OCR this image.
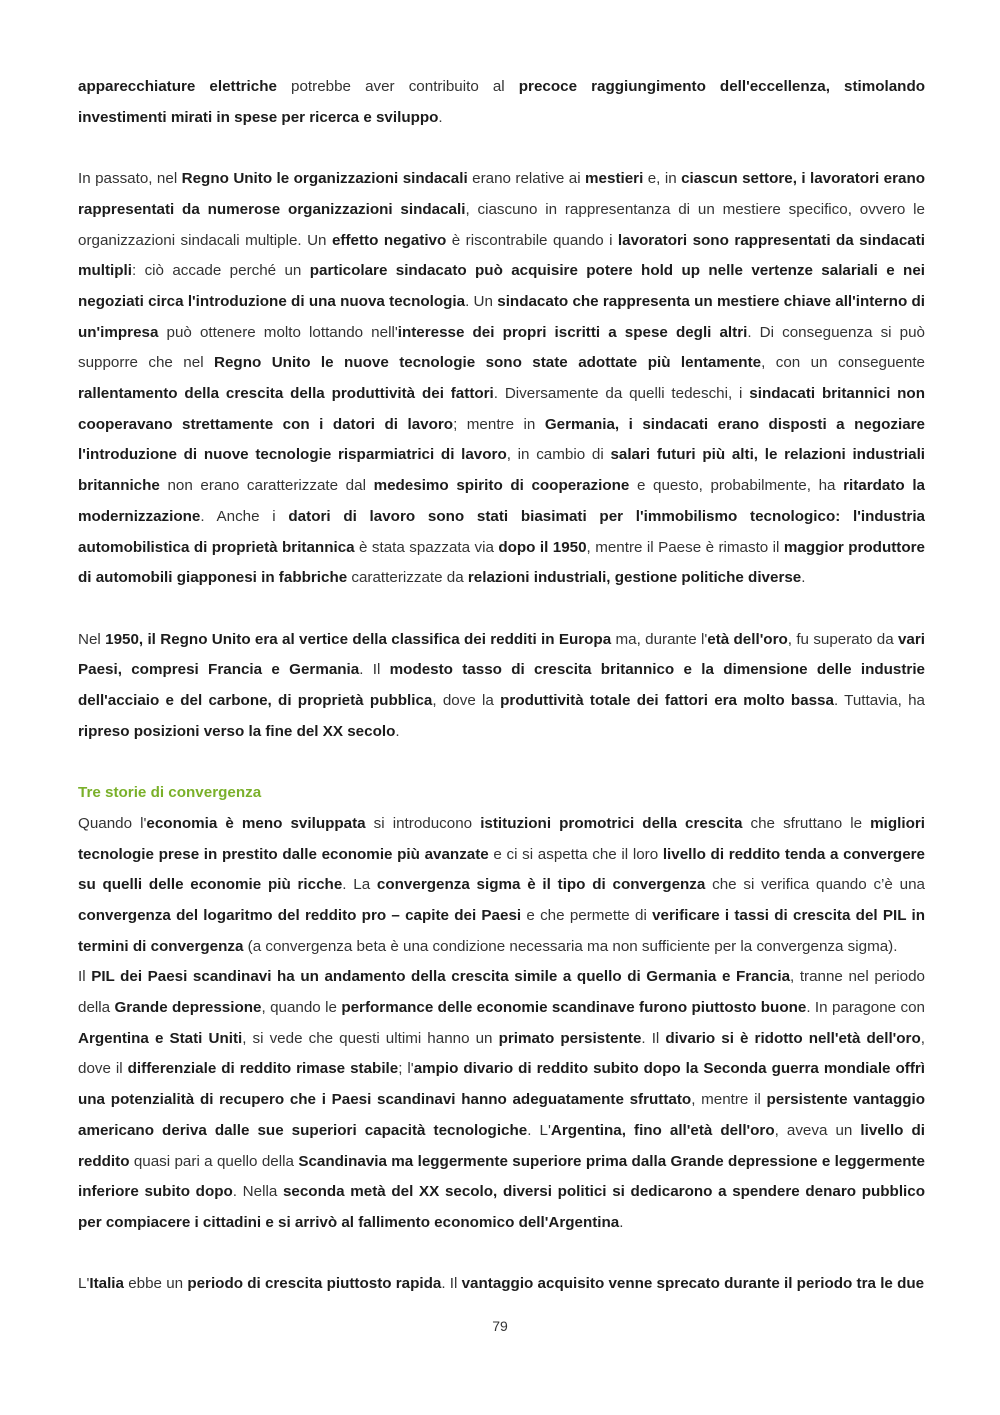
apparecchiature elettriche potrebbe aver contribuito al precoce raggiungimento dell'eccellenza, stimolando investimenti mirati in spese per ricerca e sviluppo.

In passato, nel Regno Unito le organizzazioni sindacali erano relative ai mestieri e, in ciascun settore, i lavoratori erano rappresentati da numerose organizzazioni sindacali, ciascuno in rappresentanza di un mestiere specifico, ovvero le organizzazioni sindacali multiple. Un effetto negativo è riscontrabile quando i lavoratori sono rappresentati da sindacati multipli: ciò accade perché un particolare sindacato può acquisire potere hold up nelle vertenze salariali e nei negoziati circa l'introduzione di una nuova tecnologia. Un sindacato che rappresenta un mestiere chiave all'interno di un'impresa può ottenere molto lottando nell'interesse dei propri iscritti a spese degli altri. Di conseguenza si può supporre che nel Regno Unito le nuove tecnologie sono state adottate più lentamente, con un conseguente rallentamento della crescita della produttività dei fattori. Diversamente da quelli tedeschi, i sindacati britannici non cooperavano strettamente con i datori di lavoro; mentre in Germania, i sindacati erano disposti a negoziare l'introduzione di nuove tecnologie risparmiatrici di lavoro, in cambio di salari futuri più alti, le relazioni industriali britanniche non erano caratterizzate dal medesimo spirito di cooperazione e questo, probabilmente, ha ritardato la modernizzazione. Anche i datori di lavoro sono stati biasimati per l'immobilismo tecnologico: l'industria automobilistica di proprietà britannica è stata spazzata via dopo il 1950, mentre il Paese è rimasto il maggior produttore di automobili giapponesi in fabbriche caratterizzate da relazioni industriali, gestione politiche diverse.

Nel 1950, il Regno Unito era al vertice della classifica dei redditi in Europa ma, durante l'età dell'oro, fu superato da vari Paesi, compresi Francia e Germania. Il modesto tasso di crescita britannico e la dimensione delle industrie dell'acciaio e del carbone, di proprietà pubblica, dove la produttività totale dei fattori era molto bassa. Tuttavia, ha ripreso posizioni verso la fine del XX secolo.

Tre storie di convergenza

Quando l'economia è meno sviluppata si introducono istituzioni promotrici della crescita che sfruttano le migliori tecnologie prese in prestito dalle economie più avanzate e ci si aspetta che il loro livello di reddito tenda a convergere su quelli delle economie più ricche. La convergenza sigma è il tipo di convergenza che si verifica quando c’è una convergenza del logaritmo del reddito pro – capite dei Paesi e che permette di verificare i tassi di crescita del PIL in termini di convergenza (a convergenza beta è una condizione necessaria ma non sufficiente per la convergenza sigma).

Il PIL dei Paesi scandinavi ha un andamento della crescita simile a quello di Germania e Francia, tranne nel periodo della Grande depressione, quando le performance delle economie scandinave furono piuttosto buone. In paragone con Argentina e Stati Uniti, si vede che questi ultimi hanno un primato persistente. Il divario si è ridotto nell'età dell'oro, dove il differenziale di reddito rimase stabile; l'ampio divario di reddito subito dopo la Seconda guerra mondiale offrì una potenzialità di recupero che i Paesi scandinavi hanno adeguatamente sfruttato, mentre il persistente vantaggio americano deriva dalle sue superiori capacità tecnologiche. L'Argentina, fino all'età dell'oro, aveva un livello di reddito quasi pari a quello della Scandinavia ma leggermente superiore prima dalla Grande depressione e leggermente inferiore subito dopo. Nella seconda metà del XX secolo, diversi politici si dedicarono a spendere denaro pubblico per compiacere i cittadini e si arrivò al fallimento economico dell'Argentina.

L'Italia ebbe un periodo di crescita piuttosto rapida. Il vantaggio acquisito venne sprecato durante il periodo tra le due

79
